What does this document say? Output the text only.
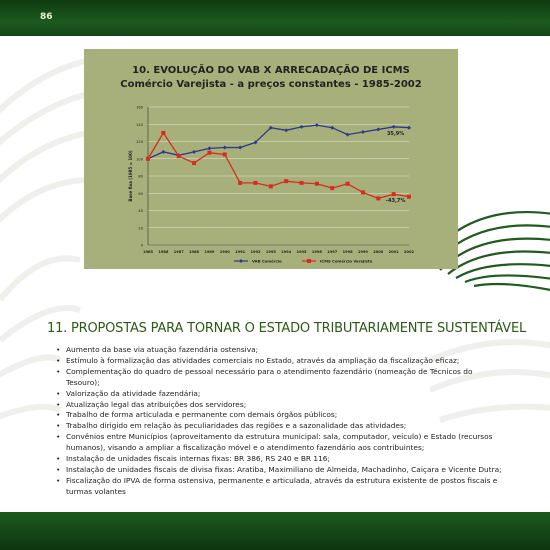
86
10. EVOLUÇÃO DO VAB X ARRECADAÇÃO DE ICMS
Comércio Varejista - a preços constantes - 1985-2002
0
20
40
60
80
100
120
140
160
1985 1986 1987 1988 1989 1990 1991 1992 1993 1994 1995 1996 1997 1998 1999 2000 2001 2002
Base fixa (1985 = 100)
35,9%
-43,7%
VAB Comércio	ICMS Comércio Varejista
11. PROPOSTAS PARA TORNAR O ESTADO TRIBUTARIAMENTE SUSTENTÁVEL
• Aumento da base via atuação fazendária ostensiva;
• Estímulo à formalização das atividades comerciais no Estado, através da ampliação da fiscalização eficaz;
• Complementação do quadro de pessoal necessário para o atendimento fazendário (nomeação de Técnicos do Tesouro);
• Valorização da atividade fazendária;
• Atualização legal das atribuições dos servidores;
• Trabalho de forma articulada e permanente com demais órgãos públicos;
• Trabalho dirigido em relação às peculiaridades das regiões e a sazonalidade das atividades;
• Convênios entre Municípios (aproveitamento da estrutura municipal: sala, computador, veículo) e Estado (recursos humanos), visando a ampliar a fiscalização móvel e o atendimento fazendário aos contribuintes;
• Instalação de unidades fiscais internas fixas: BR 386, RS 240 e BR 116;
• Instalação de unidades fiscais de divisa fixas: Aratiba, Maximiliano de Almeida, Machadinho, Caiçara e Vicente Dutra;
• Fiscalização do IPVA de forma ostensiva, permanente e articulada, através da estrutura existente de postos fiscais e turmas volantes
